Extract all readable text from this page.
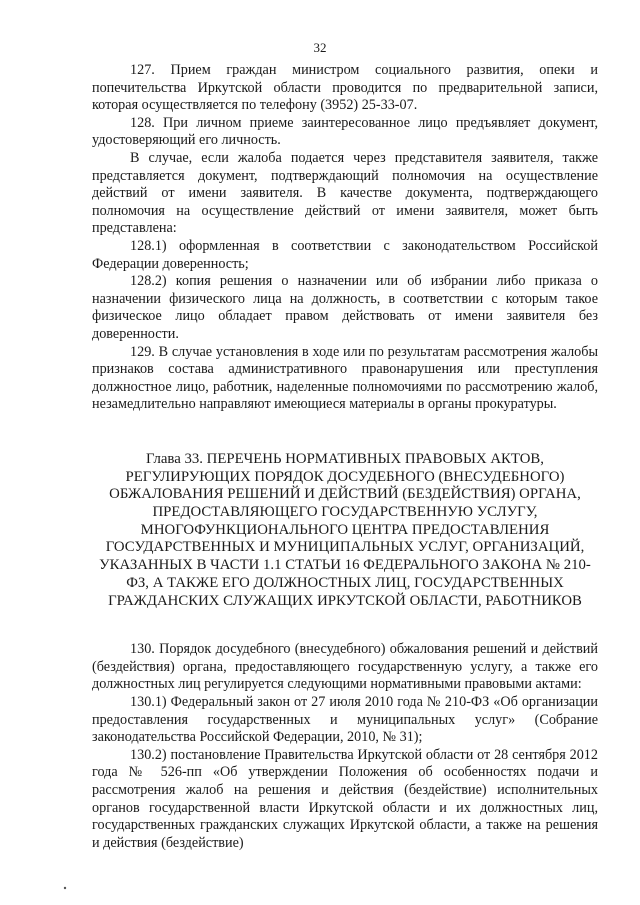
32

127. Прием граждан министром социального развития, опеки и попечительства Иркутской области проводится по предварительной записи, которая осуществляется по телефону (3952) 25-33-07.

128. При личном приеме заинтересованное лицо предъявляет документ, удостоверяющий его личность.

В случае, если жалоба подается через представителя заявителя, также представляется документ, подтверждающий полномочия на осуществление действий от имени заявителя. В качестве документа, подтверждающего полномочия на осуществление действий от имени заявителя, может быть представлена:

128.1) оформленная в соответствии с законодательством Российской Федерации доверенность;

128.2) копия решения о назначении или об избрании либо приказа о назначении физического лица на должность, в соответствии с которым такое физическое лицо обладает правом действовать от имени заявителя без доверенности.

129. В случае установления в ходе или по результатам рассмотрения жалобы признаков состава административного правонарушения или преступления должностное лицо, работник, наделенные полномочиями по рассмотрению жалоб, незамедлительно направляют имеющиеся материалы в органы прокуратуры.

Глава 33. ПЕРЕЧЕНЬ НОРМАТИВНЫХ ПРАВОВЫХ АКТОВ, РЕГУЛИРУЮЩИХ ПОРЯДОК ДОСУДЕБНОГО (ВНЕСУДЕБНОГО) ОБЖАЛОВАНИЯ РЕШЕНИЙ И ДЕЙСТВИЙ (БЕЗДЕЙСТВИЯ) ОРГАНА, ПРЕДОСТАВЛЯЮЩЕГО ГОСУДАРСТВЕННУЮ УСЛУГУ, МНОГОФУНКЦИОНАЛЬНОГО ЦЕНТРА ПРЕДОСТАВЛЕНИЯ ГОСУДАРСТВЕННЫХ И МУНИЦИПАЛЬНЫХ УСЛУГ, ОРГАНИЗАЦИЙ, УКАЗАННЫХ В ЧАСТИ 1.1 СТАТЬИ 16 ФЕДЕРАЛЬНОГО ЗАКОНА № 210-ФЗ, А ТАКЖЕ ЕГО ДОЛЖНОСТНЫХ ЛИЦ, ГОСУДАРСТВЕННЫХ ГРАЖДАНСКИХ СЛУЖАЩИХ ИРКУТСКОЙ ОБЛАСТИ, РАБОТНИКОВ

130. Порядок досудебного (внесудебного) обжалования решений и действий (бездействия) органа, предоставляющего государственную услугу, а также его должностных лиц регулируется следующими нормативными правовыми актами:

130.1) Федеральный закон от 27 июля 2010 года № 210-ФЗ «Об организации предоставления государственных и муниципальных услуг» (Собрание законодательства Российской Федерации, 2010, № 31);

130.2) постановление Правительства Иркутской области от 28 сентября 2012 года № 526-пп «Об утверждении Положения об особенностях подачи и рассмотрения жалоб на решения и действия (бездействие) исполнительных органов государственной власти Иркутской области и их должностных лиц, государственных гражданских служащих Иркутской области, а также на решения и действия (бездействие)
